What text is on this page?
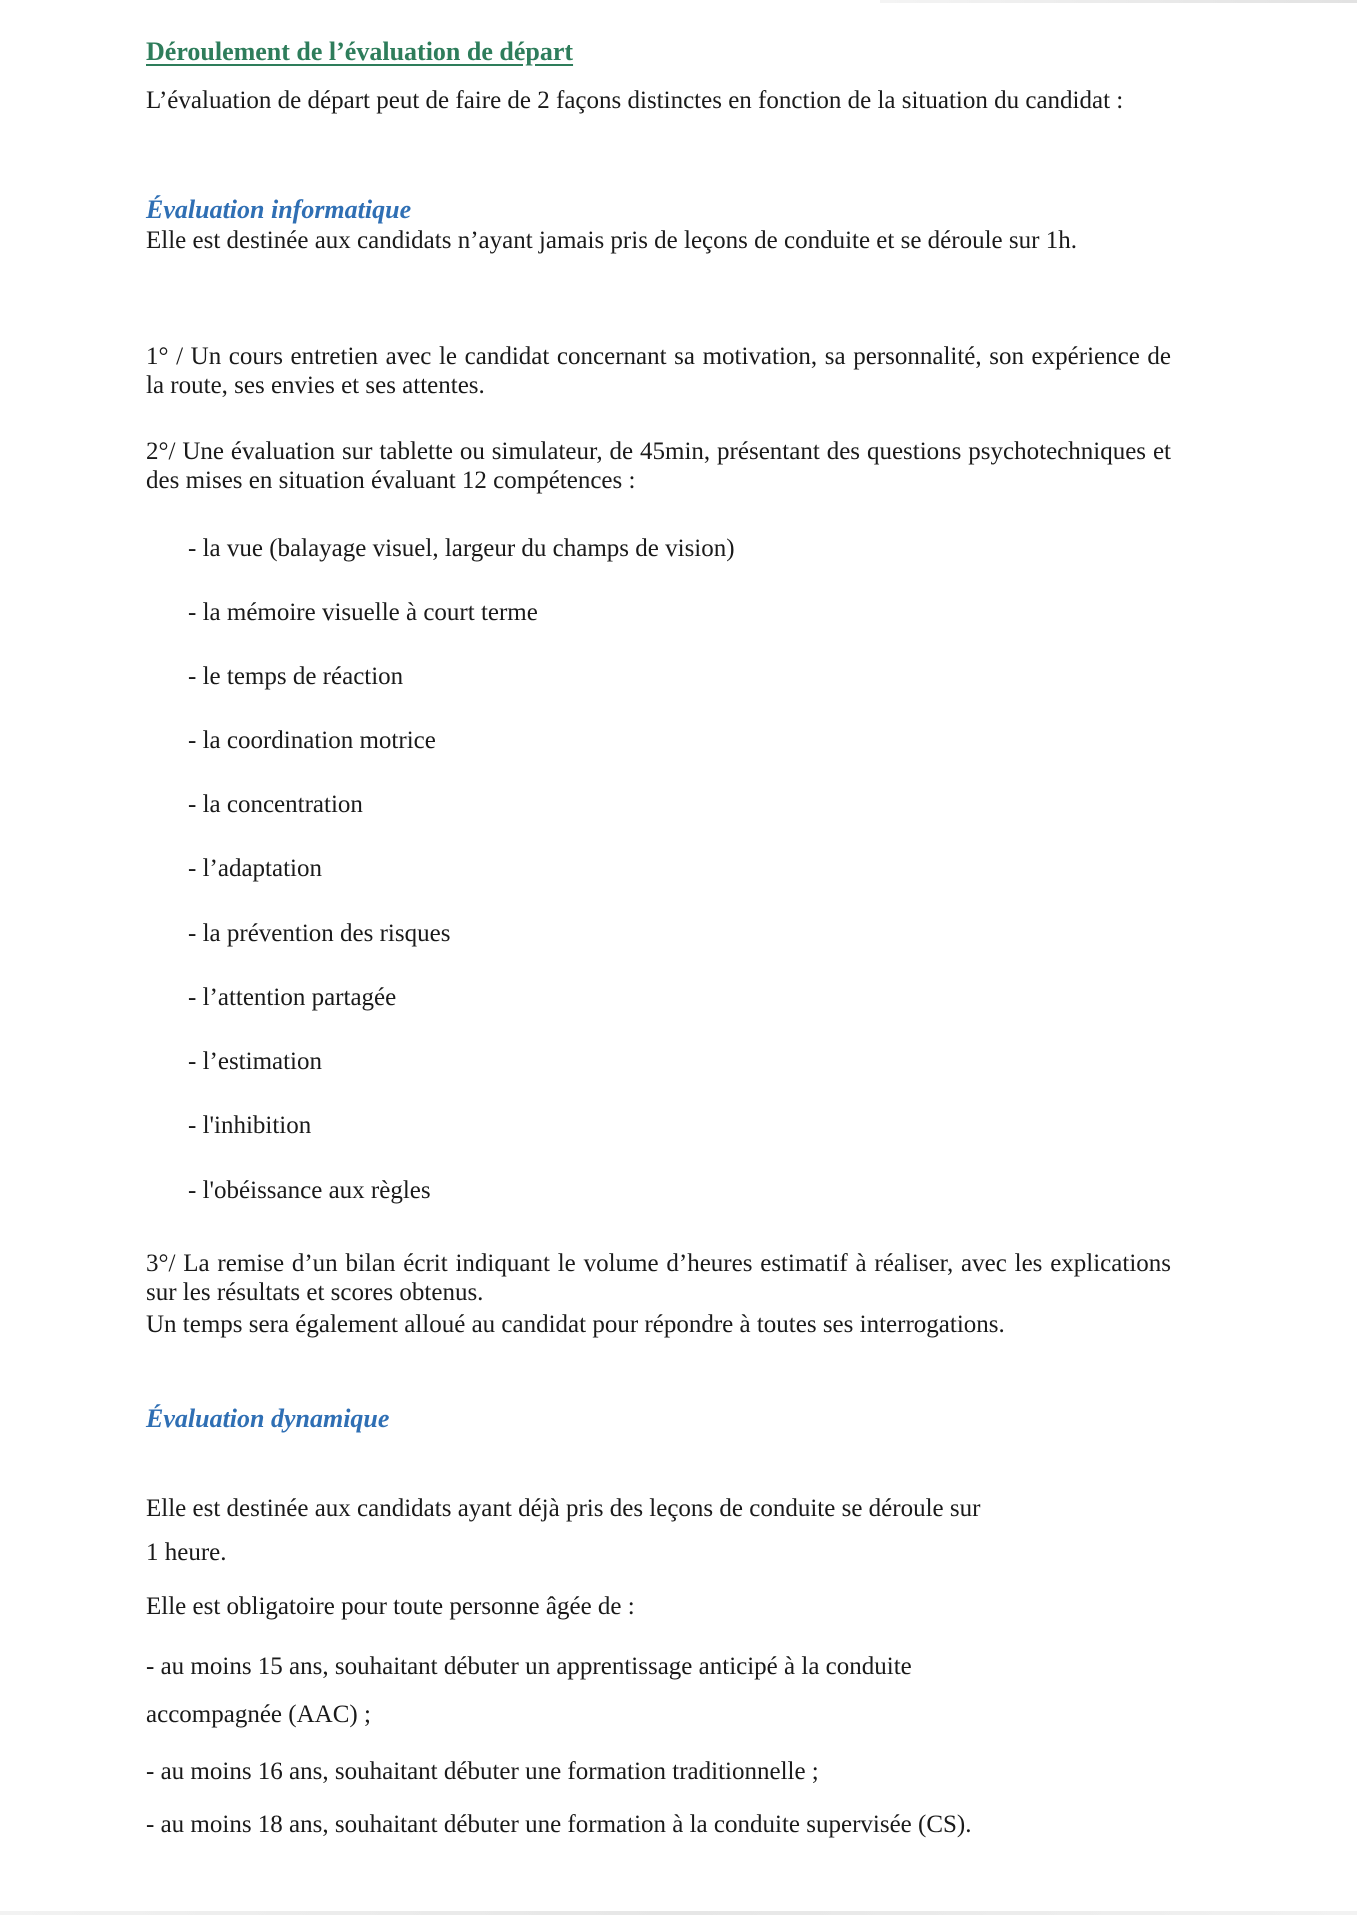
Déroulement de l’évaluation de départ

L’évaluation de départ peut de faire de 2 façons distinctes en fonction de la situation du candidat :

Évaluation informatique

Elle est destinée aux candidats n’ayant jamais pris de leçons de conduite et se déroule sur 1h.

1° / Un cours entretien avec le candidat concernant sa motivation, sa personnalité, son expérience de la route, ses envies et ses attentes.

2°/ Une évaluation sur tablette ou simulateur, de 45min, présentant des questions psychotechniques et des mises en situation évaluant 12 compétences :

- la vue (balayage visuel, largeur du champs de vision)

- la mémoire visuelle à court terme

- le temps de réaction

- la coordination motrice

- la concentration

- l’adaptation

- la prévention des risques

- l’attention partagée

- l’estimation

- l'inhibition

- l'obéissance aux règles

3°/ La remise d’un bilan écrit indiquant le volume d’heures estimatif à réaliser, avec les explications sur les résultats et scores obtenus.

Un temps sera également alloué au candidat pour répondre à toutes ses interrogations.

Évaluation dynamique

Elle est destinée aux candidats ayant déjà pris des leçons de conduite se déroule sur

1 heure.

Elle est obligatoire pour toute personne âgée de :

- au moins 15 ans, souhaitant débuter un apprentissage anticipé à la conduite

accompagnée (AAC) ;

- au moins 16 ans, souhaitant débuter une formation traditionnelle ;

- au moins 18 ans, souhaitant débuter une formation à la conduite supervisée (CS).
